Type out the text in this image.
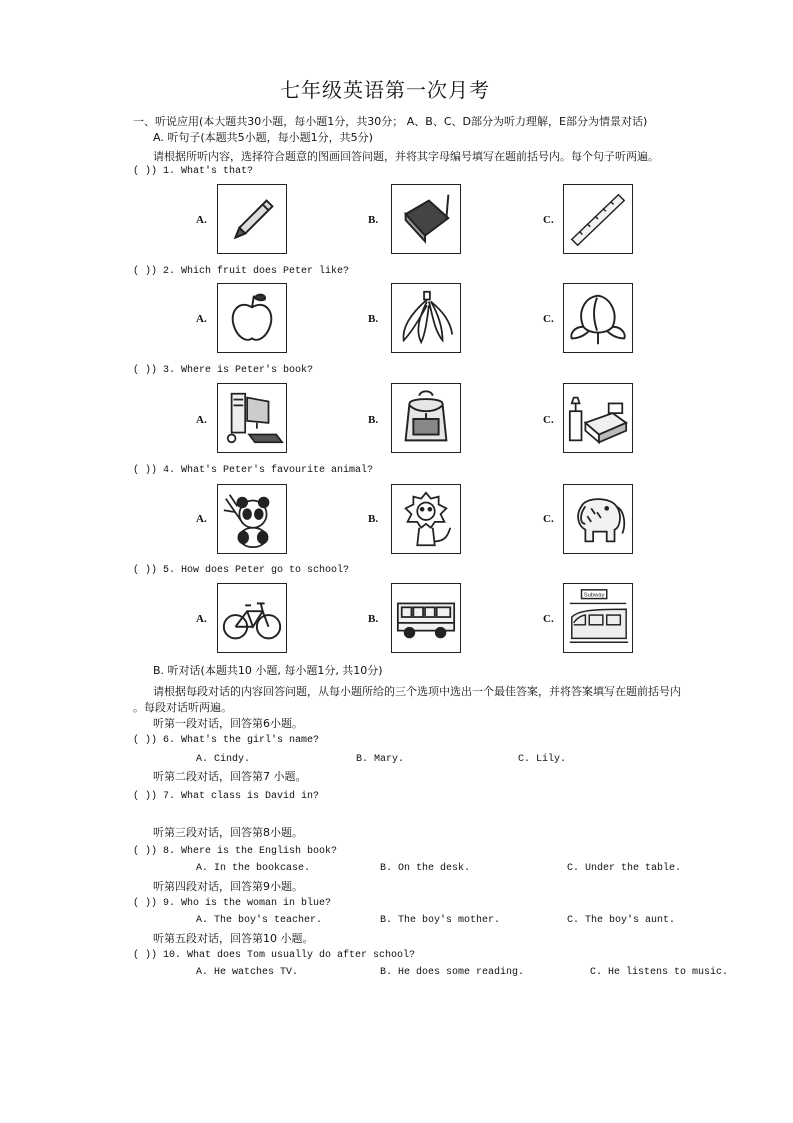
七年级英语第一次月考
一、听说应用(本大题共30小题，每小题1分，共30分； A、B、C、D部分为听力理解，E部分为情景对话)
A. 听句子(本题共5小题，每小题1分，共5分)
请根据所听内容，选择符合题意的图画回答问题，并将其字母编号填写在题前括号内。每个句子听两遍。
( )) 1. What's that?
A.	B.	C.
( )) 2. Which fruit does Peter like?
A.	B.	C.
( )) 3. Where is Peter's book?
A.	B.	C.
( )) 4. What's Peter's favourite animal?
A.	B.	C.
( )) 5. How does Peter go to school?
A.	B.	C.
Subway
B. 听对话(本题共10 小题, 每小题1分, 共10分)
请根据每段对话的内容回答问题，从每小题所给的三个选项中选出一个最佳答案，并将答案填写在题前括号内
。每段对话听两遍。
听第一段对话，回答第6小题。
( )) 6. What's the girl's name?
A. Cindy.	B. Mary.	C. Lily.
听第二段对话，回答第7 小题。
( )) 7. What class is David in?
听第三段对话，回答第8小题。
( )) 8. Where is the English book?
A. In the bookcase.	B. On the desk.	C. Under the table.
听第四段对话，回答第9小题。
( )) 9. Who is the woman in blue?
A. The boy's teacher.	B. The boy's mother.	C. The boy's aunt.
听第五段对话，回答第10 小题。
( )) 10. What does Tom usually do after school?
A. He watches TV.	B. He does some reading.	C. He listens to music.
